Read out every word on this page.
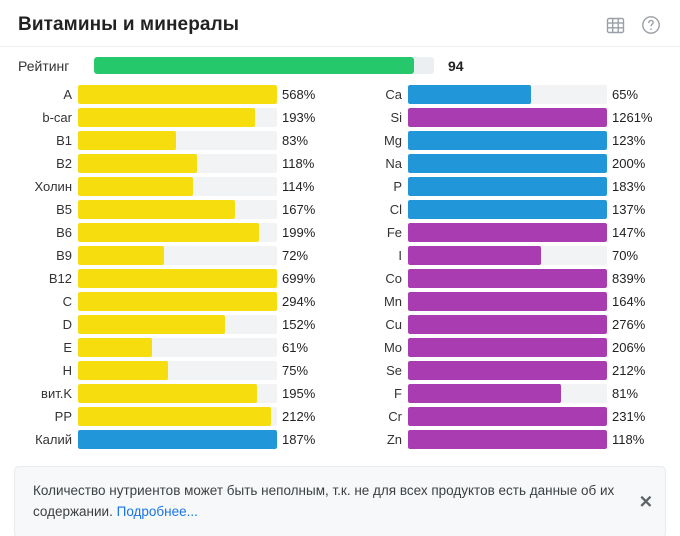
Витамины и минералы
Рейтинг	94
A	568%
b-car	193%
B1	83%
B2	118%
Холин	114%
B5	167%
B6	199%
B9	72%
B12	699%
C	294%
D	152%
E	61%
H	75%
вит.K	195%
PP	212%
Калий	187%
Ca	65%
Si	1261%
Mg	123%
Na	200%
P	183%
Cl	137%
Fe	147%
I	70%
Co	839%
Mn	164%
Cu	276%
Mo	206%
Se	212%
F	81%
Cr	231%
Zn	118%
Количество нутриентов может быть неполным, т.к. не для всех продуктов есть данные об их содержании. Подробнее...	✕
